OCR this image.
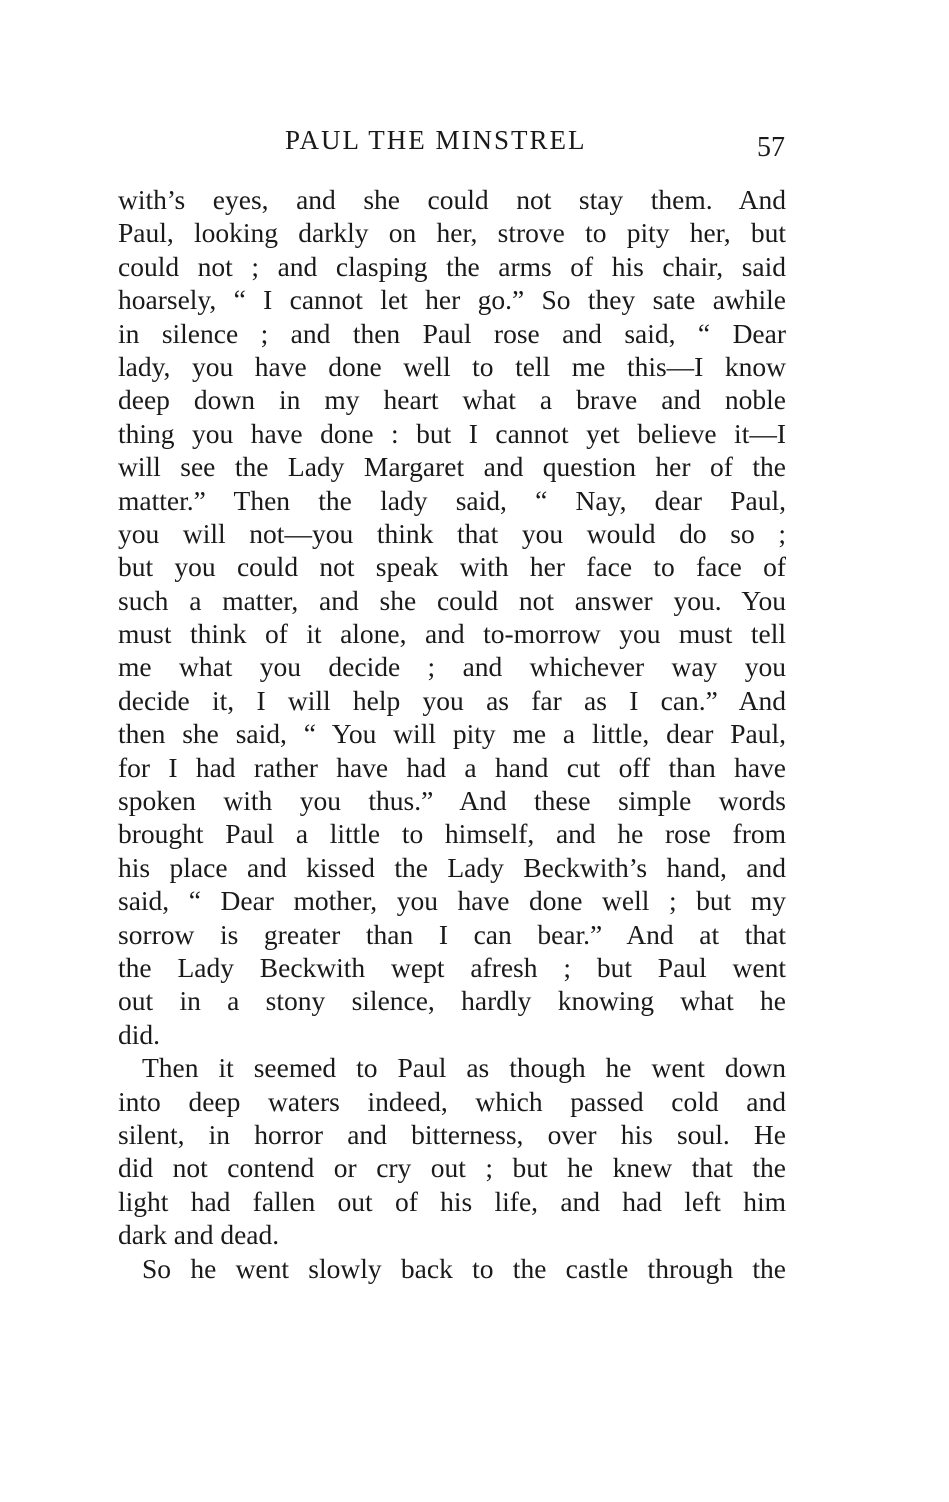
PAUL THE MINSTREL	57
with’s eyes, and she could not stay them. And
Paul, looking darkly on her, strove to pity her, but
could not ; and clasping the arms of his chair, said
hoarsely, “ I cannot let her go.” So they sate awhile
in silence ; and then Paul rose and said, “ Dear
lady, you have done well to tell me this—I know
deep down in my heart what a brave and noble
thing you have done : but I cannot yet believe it—I
will see the Lady Margaret and question her of the
matter.” Then the lady said, “ Nay, dear Paul,
you will not—you think that you would do so ;
but you could not speak with her face to face of
such a matter, and she could not answer you. You
must think of it alone, and to-morrow you must tell
me what you decide ; and whichever way you
decide it, I will help you as far as I can.” And
then she said, “ You will pity me a little, dear Paul,
for I had rather have had a hand cut off than have
spoken with you thus.” And these simple words
brought Paul a little to himself, and he rose from
his place and kissed the Lady Beckwith’s hand, and
said, “ Dear mother, you have done well ; but my
sorrow is greater than I can bear.” And at that
the Lady Beckwith wept afresh ; but Paul went
out in a stony silence, hardly knowing what he
did.
Then it seemed to Paul as though he went down
into deep waters indeed, which passed cold and
silent, in horror and bitterness, over his soul. He
did not contend or cry out ; but he knew that the
light had fallen out of his life, and had left him
dark and dead.
So he went slowly back to the castle through the
